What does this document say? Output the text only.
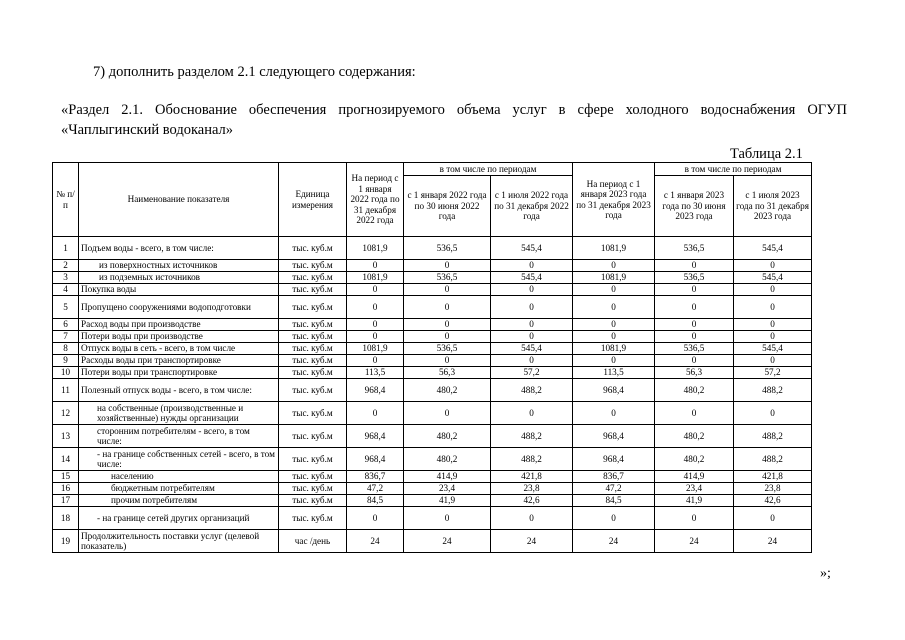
7) дополнить разделом 2.1 следующего содержания:
«Раздел 2.1. Обоснование обеспечения прогнозируемого объема услуг в сфере холодного водоснабжения ОГУП
«Чаплыгинский водоканал»
Таблица 2.1
№ п/п	Наименование показателя	Единица измерения	На период с 1 января 2022 года по 31 декабря 2022 года	в том числе по периодам		На период с 1 января 2023 года по 31 декабря 2023 года	в том числе по периодам	
				с 1 января 2022 года по 30 июня 2022 года	с 1 июля 2022 года по 31 декабря 2022 года		с 1 января 2023 года по 30 июня 2023 года	с 1 июля 2023 года по 31 декабря 2023 года
1	Подъем воды - всего, в том числе:	тыс. куб.м	1081,9	536,5	545,4	1081,9	536,5	545,4
2	из поверхностных источников	тыс. куб.м	0	0	0	0	0	0
3	из подземных источников	тыс. куб.м	1081,9	536,5	545,4	1081,9	536,5	545,4
4	Покупка воды	тыс. куб.м	0	0	0	0	0	0
5	Пропущено сооружениями водоподготовки	тыс. куб.м	0	0	0	0	0	0
6	Расход воды при производстве	тыс. куб.м	0	0	0	0	0	0
7	Потери воды при производстве	тыс. куб.м	0	0	0	0	0	0
8	Отпуск воды в сеть - всего, в том числе	тыс. куб.м	1081,9	536,5	545,4	1081,9	536,5	545,4
9	Расходы воды при транспортировке	тыс. куб.м	0	0	0	0	0	0
10	Потери воды при транспортировке	тыс. куб.м	113,5	56,3	57,2	113,5	56,3	57,2
11	Полезный отпуск воды - всего, в том числе:	тыс. куб.м	968,4	480,2	488,2	968,4	480,2	488,2
12	на собственные (производственные и хозяйственные) нужды организации	тыс. куб.м	0	0	0	0	0	0
13	сторонним потребителям - всего, в том числе:	тыс. куб.м	968,4	480,2	488,2	968,4	480,2	488,2
14	- на границе собственных сетей - всего, в том числе:	тыс. куб.м	968,4	480,2	488,2	968,4	480,2	488,2
15	населению	тыс. куб.м	836,7	414,9	421,8	836,7	414,9	421,8
16	бюджетным потребителям	тыс. куб.м	47,2	23,4	23,8	47,2	23,4	23,8
17	прочим потребителям	тыс. куб.м	84,5	41,9	42,6	84,5	41,9	42,6
18	- на границе сетей других организаций	тыс. куб.м	0	0	0	0	0	0
19	Продолжительность поставки услуг (целевой показатель)	час /день	24	24	24	24	24	24
»;
